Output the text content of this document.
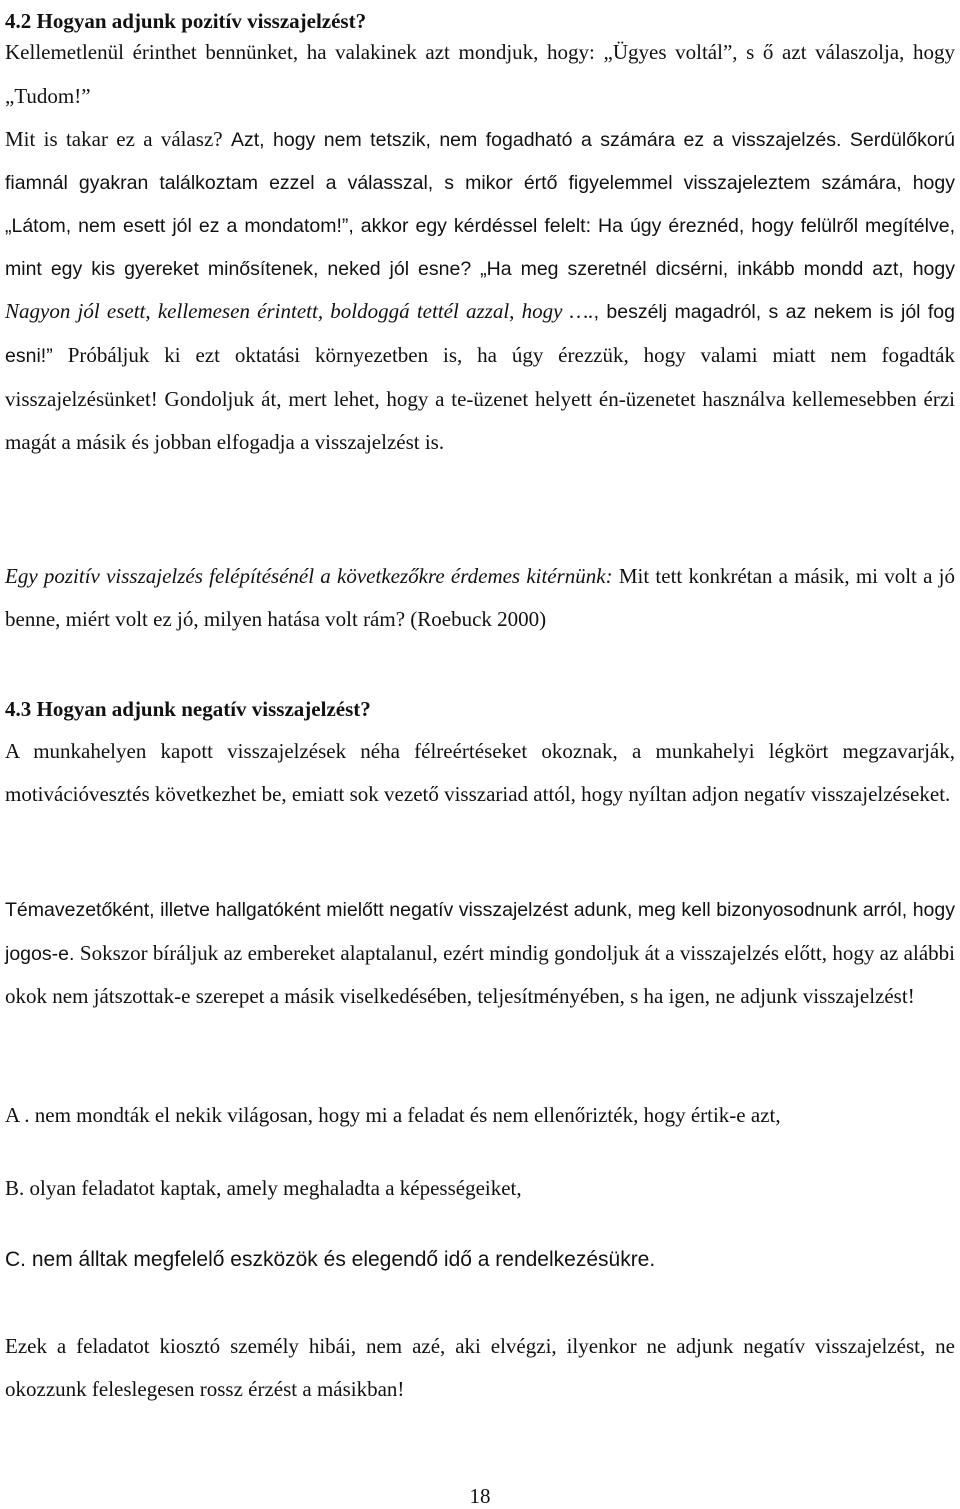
4.2 Hogyan adjunk pozitív visszajelzést?

Kellemetlenül érinthet bennünket, ha valakinek azt mondjuk, hogy: „Ügyes voltál”, s ő azt válaszolja, hogy „Tudom!”
Mit is takar ez a válasz? Azt, hogy nem tetszik, nem fogadható a számára ez a visszajelzés. Serdülőkorú fiamnál gyakran találkoztam ezzel a válasszal, s mikor értő figyelemmel visszajeleztem számára, hogy „Látom, nem esett jól ez a mondatom!”, akkor egy kérdéssel felelt: Ha úgy éreznéd, hogy felülről megítélve, mint egy kis gyereket minősítenek, neked jól esne? „Ha meg szeretnél dicsérni, inkább mondd azt, hogy Nagyon jól esett, kellemesen érintett, boldoggá tettél azzal, hogy …., beszélj magadról, s az nekem is jól fog esni!” Próbáljuk ki ezt oktatási környezetben is, ha úgy érezzük, hogy valami miatt nem fogadták visszajelzésünket! Gondoljuk át, mert lehet, hogy a te-üzenet helyett én-üzenetet használva kellemesebben érzi magát a másik és jobban elfogadja a visszajelzést is.

Egy pozitív visszajelzés felépítésénél a következőkre érdemes kitérnünk: Mit tett konkrétan a másik, mi volt a jó benne, miért volt ez jó, milyen hatása volt rám? (Roebuck 2000)

4.3 Hogyan adjunk negatív visszajelzést?

A munkahelyen kapott visszajelzések néha félreértéseket okoznak, a munkahelyi légkört megzavarják, motivációvesztés következhet be, emiatt sok vezető visszariad attól, hogy nyíltan adjon negatív visszajelzéseket.

Témavezetőként, illetve hallgatóként mielőtt negatív visszajelzést adunk, meg kell bizonyosodnunk arról, hogy jogos-e. Sokszor bíráljuk az embereket alaptalanul, ezért mindig gondoljuk át a visszajelzés előtt, hogy az alábbi okok nem játszottak-e szerepet a másik viselkedésében, teljesítményében, s ha igen, ne adjunk visszajelzést!

A . nem mondták el nekik világosan, hogy mi a feladat és nem ellenőrizték, hogy értik-e azt,

B. olyan feladatot kaptak, amely meghaladta a képességeiket,

C. nem álltak megfelelő eszközök és elegendő idő a rendelkezésükre.

Ezek a feladatot kiosztó személy hibái, nem azé, aki elvégzi, ilyenkor ne adjunk negatív visszajelzést, ne okozzunk feleslegesen rossz érzést a másikban!

18
